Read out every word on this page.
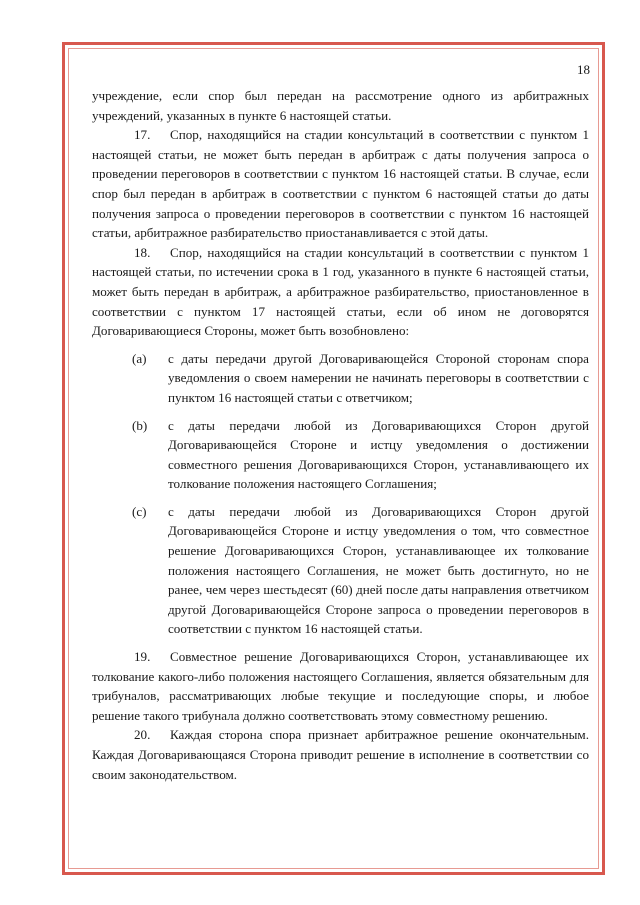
18

учреждение, если спор был передан на рассмотрение одного из арбитражных учреждений, указанных в пункте 6 настоящей статьи.

17. Спор, находящийся на стадии консультаций в соответствии с пунктом 1 настоящей статьи, не может быть передан в арбитраж с даты получения запроса о проведении переговоров в соответствии с пунктом 16 настоящей статьи. В случае, если спор был передан в арбитраж в соответствии с пунктом 6 настоящей статьи до даты получения запроса о проведении переговоров в соответствии с пунктом 16 настоящей статьи, арбитражное разбирательство приостанавливается с этой даты.

18. Спор, находящийся на стадии консультаций в соответствии с пунктом 1 настоящей статьи, по истечении срока в 1 год, указанного в пункте 6 настоящей статьи, может быть передан в арбитраж, а арбитражное разбирательство, приостановленное в соответствии с пунктом 17 настоящей статьи, если об ином не договорятся Договаривающиеся Стороны, может быть возобновлено:

(a)	с даты передачи другой Договаривающейся Стороной сторонам спора уведомления о своем намерении не начинать переговоры в соответствии с пунктом 16 настоящей статьи с ответчиком;
(b)	с даты передачи любой из Договаривающихся Сторон другой Договаривающейся Стороне и истцу уведомления о достижении совместного решения Договаривающихся Сторон, устанавливающего их толкование положения настоящего Соглашения;
(c)	с даты передачи любой из Договаривающихся Сторон другой Договаривающейся Стороне и истцу уведомления о том, что совместное решение Договаривающихся Сторон, устанавливающее их толкование положения настоящего Соглашения, не может быть достигнуто, но не ранее, чем через шестьдесят (60) дней после даты направления ответчиком другой Договаривающейся Стороне запроса о проведении переговоров в соответствии с пунктом 16 настоящей статьи.

19. Совместное решение Договаривающихся Сторон, устанавливающее их толкование какого-либо положения настоящего Соглашения, является обязательным для трибуналов, рассматривающих любые текущие и последующие споры, и любое решение такого трибунала должно соответствовать этому совместному решению.

20. Каждая сторона спора признает арбитражное решение окончательным. Каждая Договаривающаяся Сторона приводит решение в исполнение в соответствии со своим законодательством.
